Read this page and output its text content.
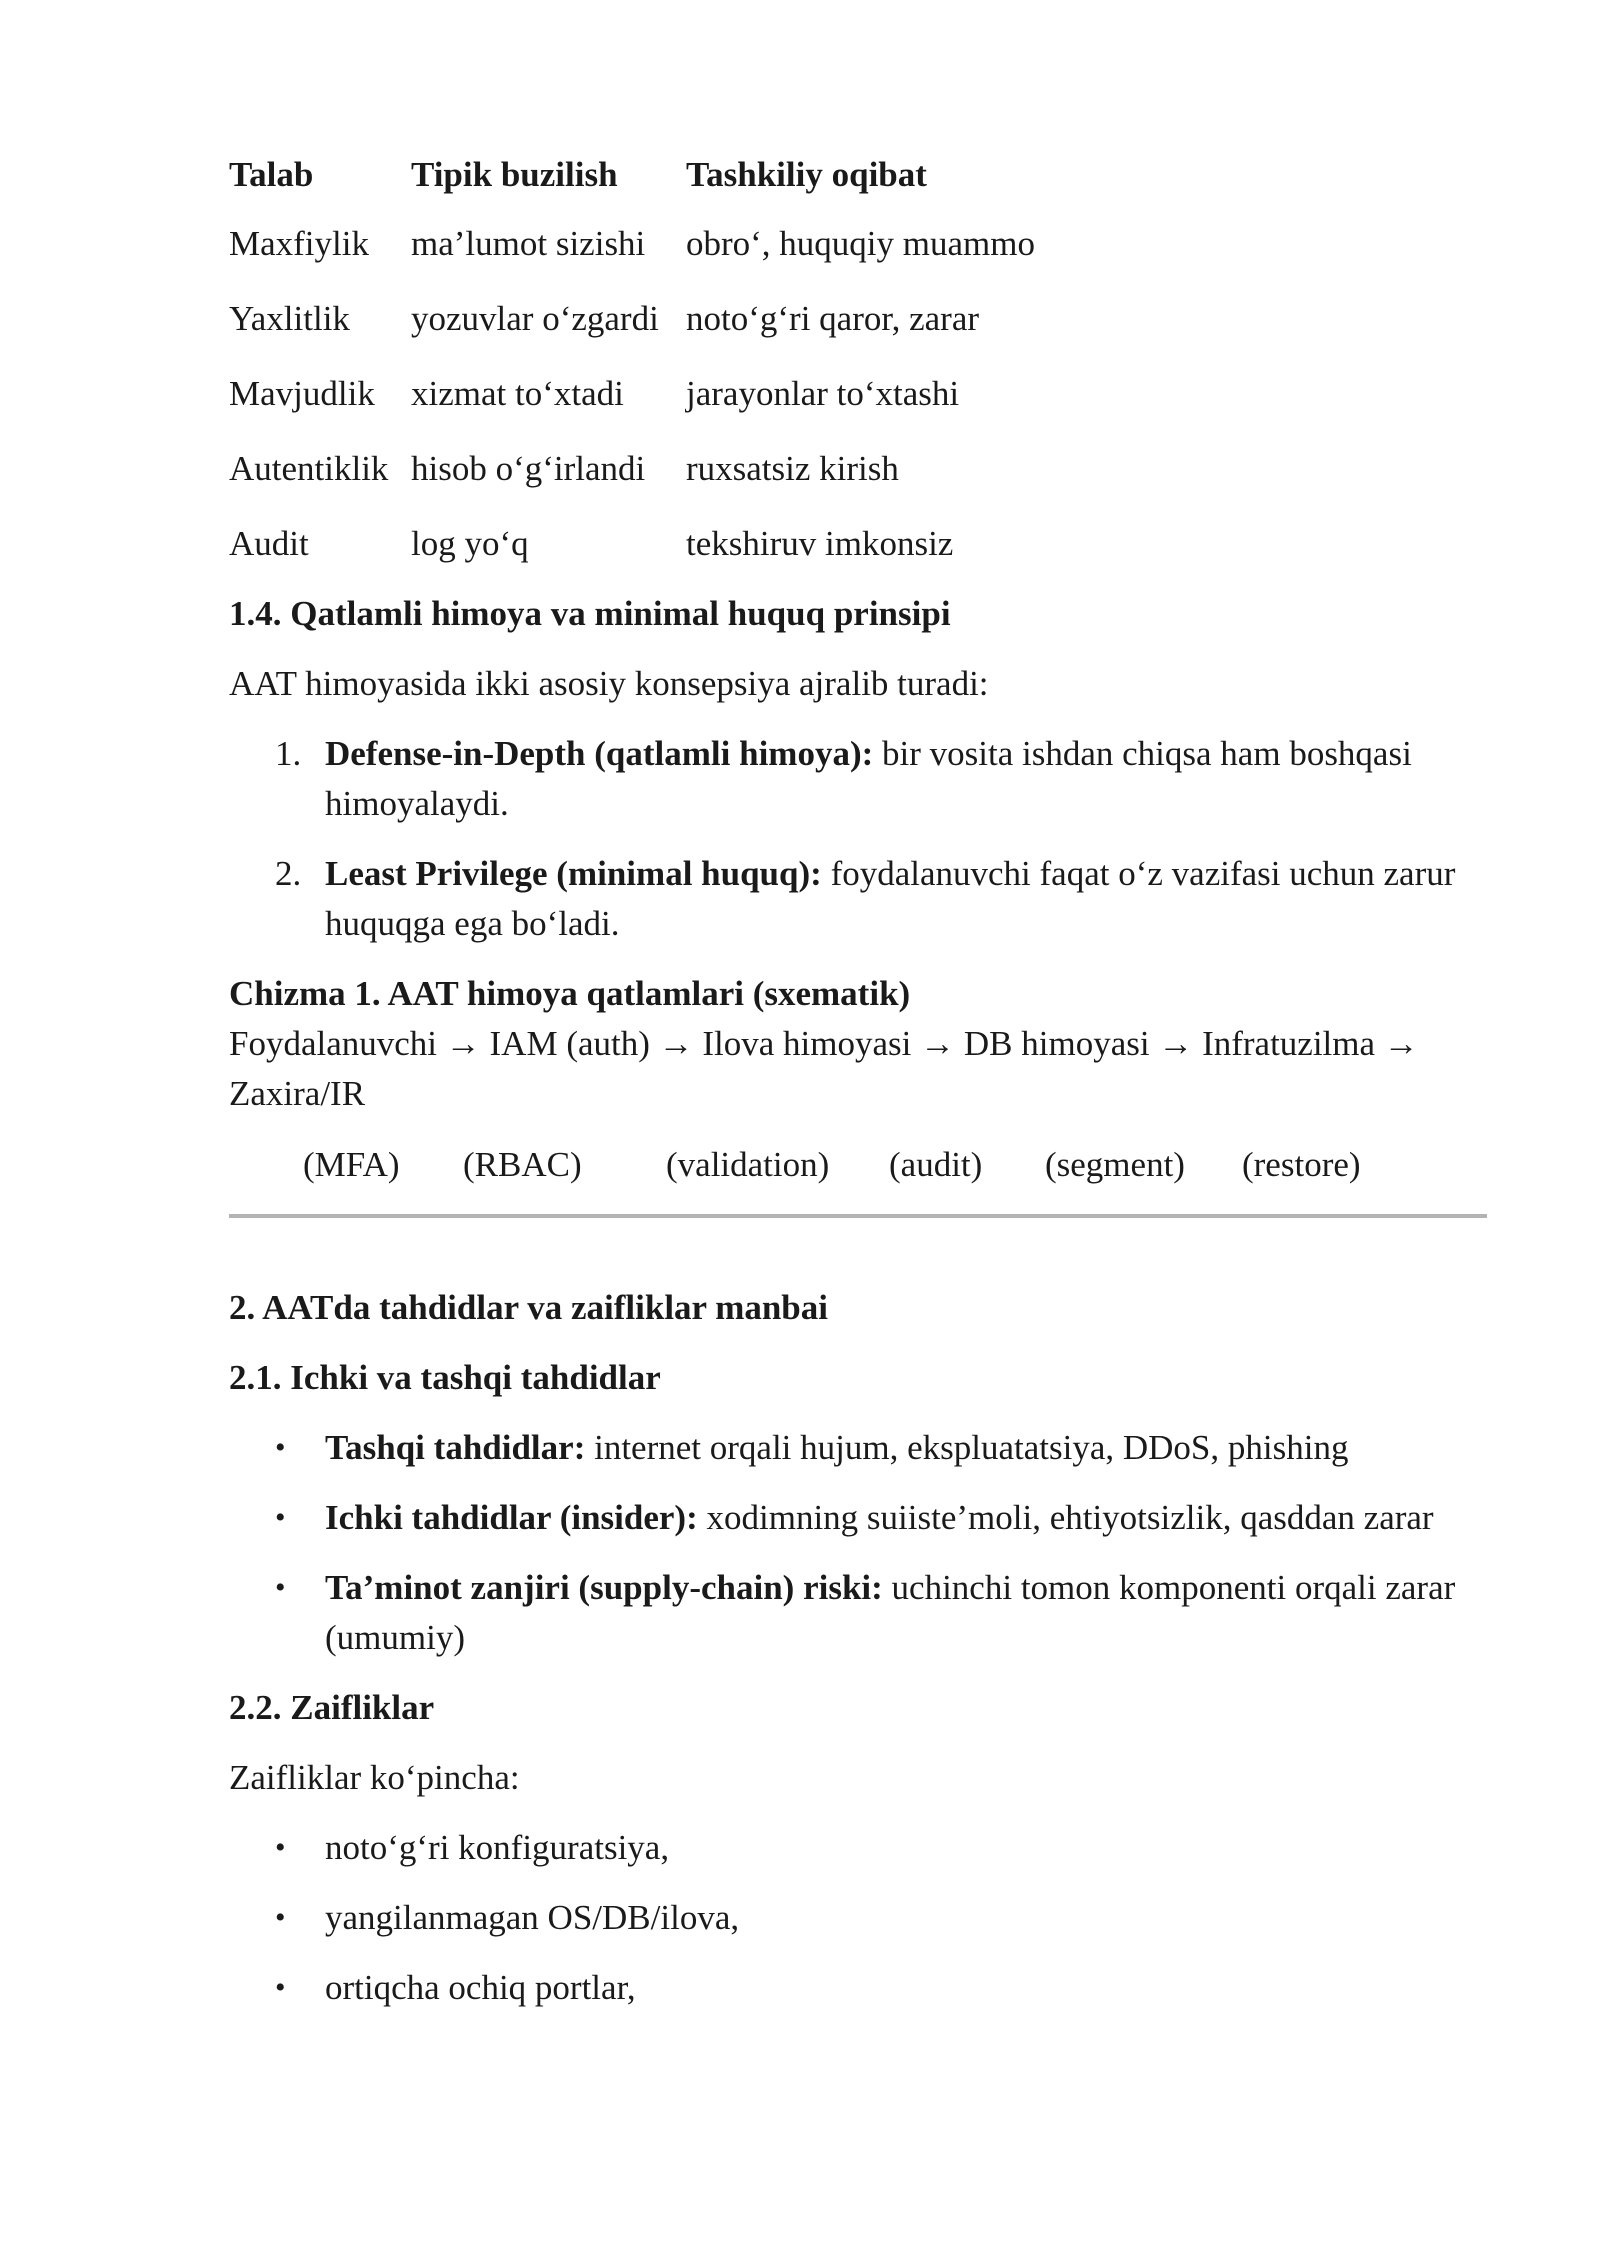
Talab	Tipik buzilish	Tashkiliy oqibat
Maxfiylik	ma’lumot sizishi	obro‘, huquqiy muammo
Yaxlitlik	yozuvlar o‘zgardi	noto‘g‘ri qaror, zarar
Mavjudlik	xizmat to‘xtadi	jarayonlar to‘xtashi
Autentiklik	hisob o‘g‘irlandi	ruxsatsiz kirish
Audit	log yo‘q	tekshiruv imkonsiz

1.4. Qatlamli himoya va minimal huquq prinsipi

AAT himoyasida ikki asosiy konsepsiya ajralib turadi:

1. Defense-in-Depth (qatlamli himoya): bir vosita ishdan chiqsa ham boshqasi himoyalaydi.
2. Least Privilege (minimal huquq): foydalanuvchi faqat o‘z vazifasi uchun zarur huquqga ega bo‘ladi.

Chizma 1. AAT himoya qatlamlari (sxematik)

Foydalanuvchi → IAM (auth) → Ilova himoyasi → DB himoyasi → Infratuzilma → Zaxira/IR

(MFA) (RBAC) (validation) (audit) (segment) (restore)

2. AATda tahdidlar va zaifliklar manbai

2.1. Ichki va tashqi tahdidlar

• Tashqi tahdidlar: internet orqali hujum, ekspluatatsiya, DDoS, phishing
• Ichki tahdidlar (insider): xodimning suiiste’moli, ehtiyotsizlik, qasddan zarar
• Ta’minot zanjiri (supply-chain) riski: uchinchi tomon komponenti orqali zarar (umumiy)

2.2. Zaifliklar

Zaifliklar ko‘pincha:

• noto‘g‘ri konfiguratsiya,
• yangilanmagan OS/DB/ilova,
• ortiqcha ochiq portlar,
